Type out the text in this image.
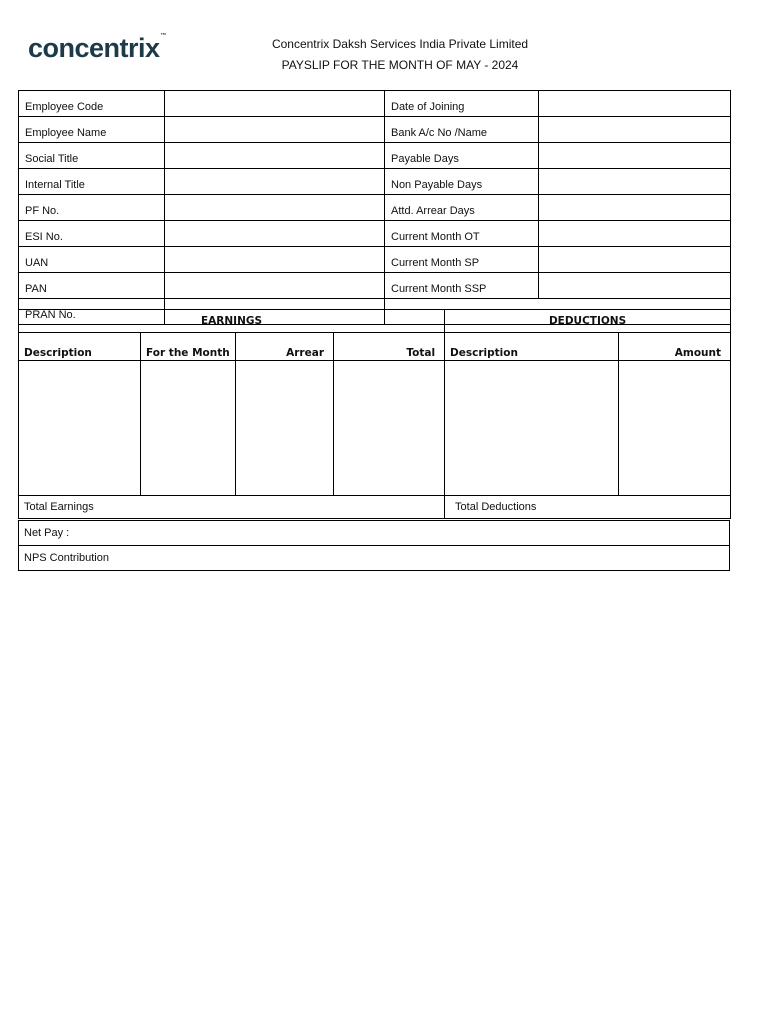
concentrix™
Concentrix Daksh Services India Private Limited
PAYSLIP FOR THE MONTH OF MAY - 2024
Employee Code		Date of Joining	
Employee Name		Bank A/c No /Name	
Social Title		Payable Days	
Internal Title		Non Payable Days	
PF No.		Attd. Arrear Days	
ESI No.		Current Month OT	
UAN		Current Month SP	
PAN		Current Month SSP	
PRAN No.				EARNINGS				DEDUCTIONS	
Description	For the Month	Arrear	Total	Description	Amount

Total Earnings				Total Deductions	
Net Pay :
NPS Contribution
